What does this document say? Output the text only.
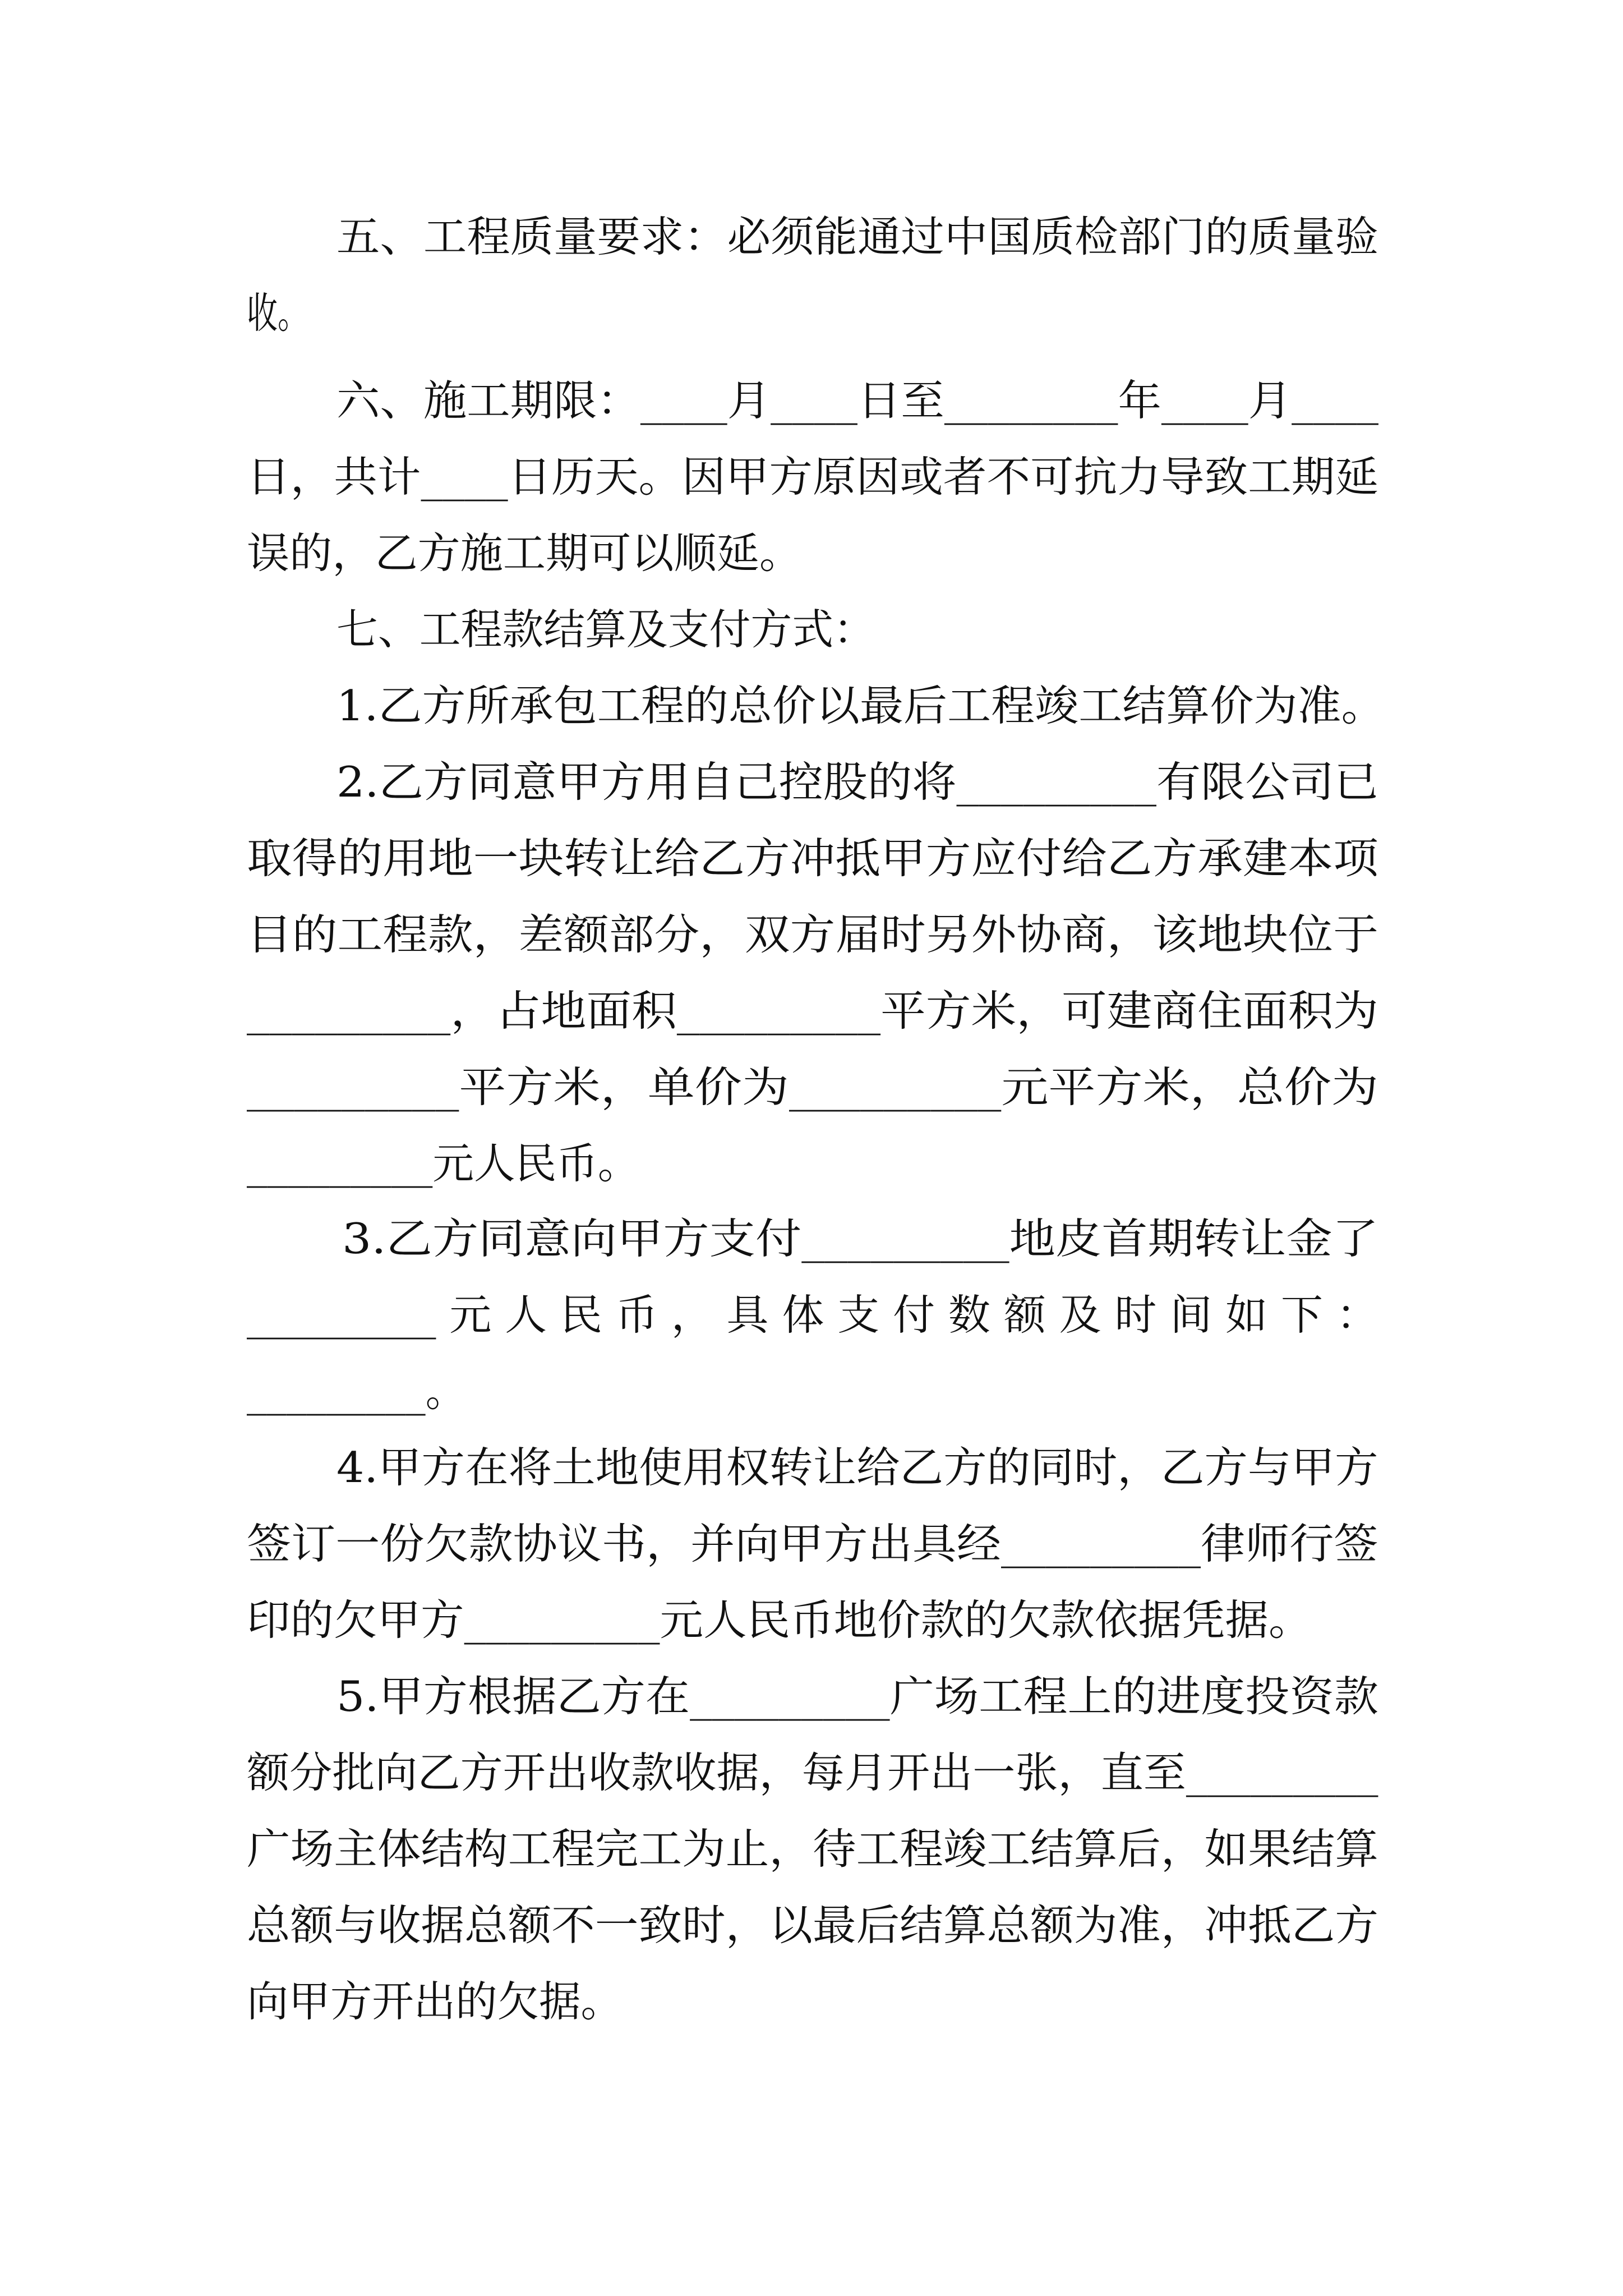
五、工程质量要求：必须能通过中国质检部门的质量验
收。
六、施工期限：____月____日至________年____月____
日，共计____日历天。因甲方原因或者不可抗力导致工期延
误的，乙方施工期可以顺延。
七、工程款结算及支付方式：
1.乙方所承包工程的总价以最后工程竣工结算价为准。
2.乙方同意甲方用自己控股的将_________有限公司已
取得的用地一块转让给乙方冲抵甲方应付给乙方承建本项
目的工程款，差额部分，双方届时另外协商，该地块位于
_________，占地面积_________平方米，可建商住面积为
_________平方米，单价为_________元平方米，总价为
_________元人民币。
3.乙方同意向甲方支付_________地皮首期转让金了
_________ 元 人 民 币 ， 具 体 支 付 数 额 及 时 间 如 下 ：
_________。
4.甲方在将土地使用权转让给乙方的同时，乙方与甲方
签订一份欠款协议书，并向甲方出具经_________律师行签
印的欠甲方_________元人民币地价款的欠款依据凭据。
5.甲方根据乙方在_________广场工程上的进度投资款
额分批向乙方开出收款收据，每月开出一张，直至_________
广场主体结构工程完工为止，待工程竣工结算后，如果结算
总额与收据总额不一致时，以最后结算总额为准，冲抵乙方
向甲方开出的欠据。
